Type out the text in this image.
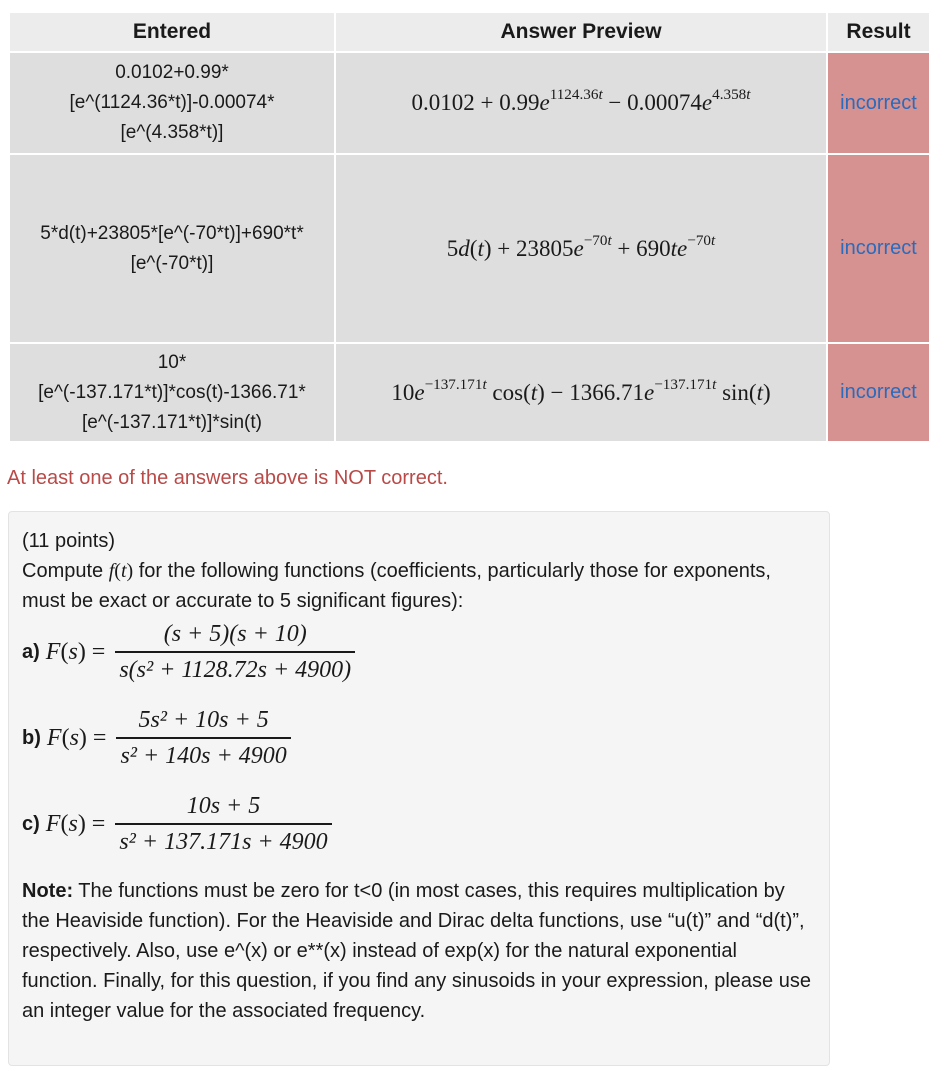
Entered	Answer Preview	Result

0.0102+0.99*
[e^(1124.36*t)]-0.00074*
[e^(4.358*t)]	$0.0102 + 0.99e^{1124.36t} - 0.00074e^{4.358t}$	incorrect

5*d(t)+23805*[e^(-70*t)]+690*t*
[e^(-70*t)]	$5d(t) + 23805e^{-70t} + 690te^{-70t}$	incorrect

10*
[e^(-137.171*t)]*cos(t)-1366.71*
[e^(-137.171*t)]*sin(t)	$10e^{-137.171t}$ $\cos(t) - 1366.71e^{-137.171t}$ sin(t)	incorrect
At least one of the answers above is NOT correct.

(11 points)

Compute f(t) for the following functions (coefficients, particularly those for exponents, must be exact or accurate to 5 significant figures):

a) $F(s) = \frac{(s + 5)(s + 10)}{\text{s(s² + 1128.72s + 4900)}}$
b) $F(s) = \frac{\text{5s² + 10s + 5}}{\text{s² + 140s + 4900}}$
c) $F(s) = \frac{10s + 5}{\text{s² + 137.171s + 4900}}$

Note: The functions must be zero for t<0 (in most cases, this requires multiplication by the Heaviside function). For the Heaviside and Dirac delta functions, use “u(t)” and “d(t)”, respectively. Also, use e^(x) or e**(x) instead of exp(x) for the natural exponential function. Finally, for this question, if you find any sinusoids in your expression, please use an integer value for the associated frequency.
